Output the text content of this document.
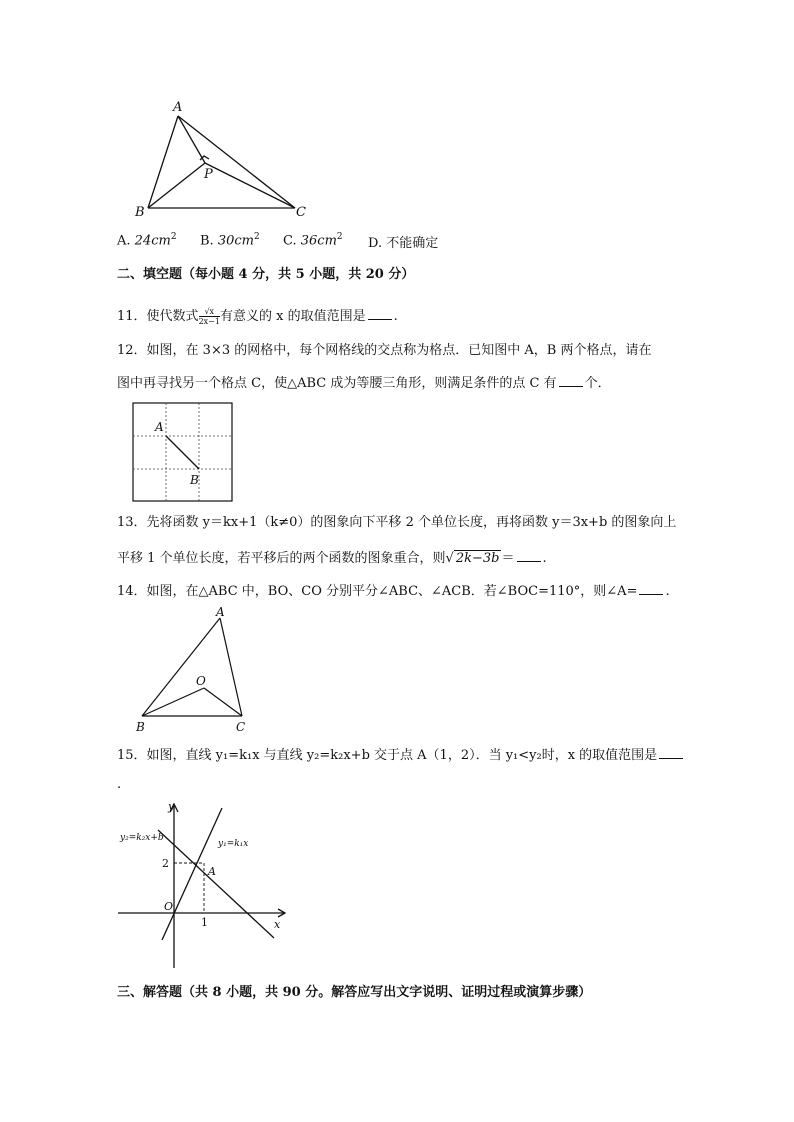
A
B	C
P
A. $24cm^2$ B. $30cm^2$ C. $36cm^2$ D. 不能确定
二、填空题（每小题 4 分，共 5 小题，共 20 分）
11．使代数式 $\frac{√x}{2x-1}$ 有意义的 x 的取值范围是 .
12．如图，在 3×3 的网格中，每个网格线的交点称为格点．已知图中 A，B 两个格点，请在
图中再寻找另一个格点 C，使△ABC 成为等腰三角形，则满足条件的点 C 有 个．
A
B
13．先将函数 y＝kx+1（k≠0）的图象向下平移 2 个单位长度，再将函数 y＝3x+b 的图象向上
平移 1 个单位长度，若平移后的两个函数的图象重合，则√ 2k−3b ＝ .
14．如图，在△ABC 中，BO、CO 分别平分∠ABC、∠ACB．若∠BOC=110°，则∠A= .
A
B	C
O
15．如图，直线 y₁=k₁x 与直线 y₂=k₂x+b 交于点 A（1，2）．当 y₁<y₂时，x 的取值范围是
.
y
x
O
A
y₂=k₂x+b
y₁=k₁x
2
1
三、解答题（共 8 小题，共 90 分。解答应写出文字说明、证明过程或演算步骤）
